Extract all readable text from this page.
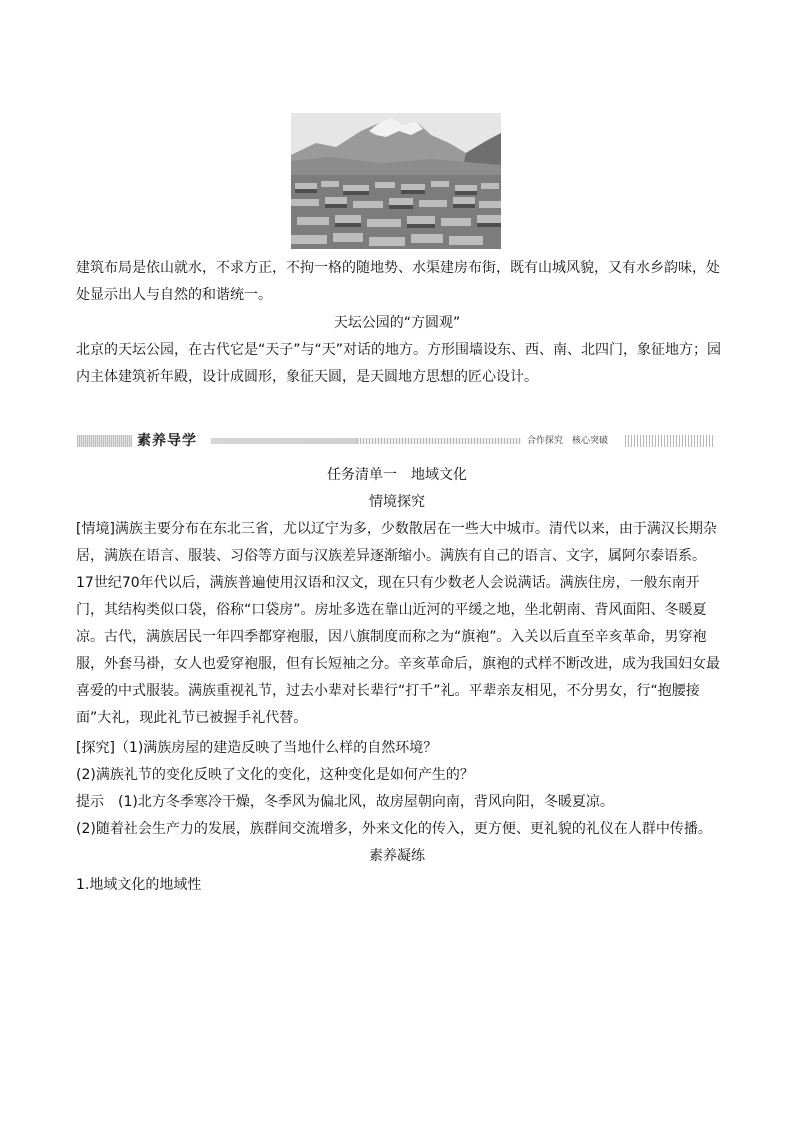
建筑布局是依山就水，不求方正，不拘一格的随地势、水渠建房布街，既有山城风貌，又有水乡韵味，处处显示出人与自然的和谐统一。

天坛公园的“方圆观”

北京的天坛公园，在古代它是“天子”与“天”对话的地方。方形围墙设东、西、南、北四门，象征地方；园内主体建筑祈年殿，设计成圆形，象征天圆，是天圆地方思想的匠心设计。

素养导学	合作探究　核心突破
任务清单一　地域文化
情境探究

[情境]满族主要分布在东北三省，尤以辽宁为多，少数散居在一些大中城市。清代以来，由于满汉长期杂居，满族在语言、服装、习俗等方面与汉族差异逐渐缩小。满族有自己的语言、文字，属阿尔泰语系。17世纪70年代以后，满族普遍使用汉语和汉文，现在只有少数老人会说满话。满族住房，一般东南开门，其结构类似口袋，俗称“口袋房”。房址多选在靠山近河的平缓之地，坐北朝南、背风面阳、冬暖夏凉。古代，满族居民一年四季都穿袍服，因八旗制度而称之为“旗袍”。入关以后直至辛亥革命，男穿袍服，外套马褂，女人也爱穿袍服，但有长短袖之分。辛亥革命后，旗袍的式样不断改进，成为我国妇女最喜爱的中式服装。满族重视礼节，过去小辈对长辈行“打千”礼。平辈亲友相见，不分男女，行“抱腰接面”大礼，现此礼节已被握手礼代替。

[探究]（1)满族房屋的建造反映了当地什么样的自然环境？
(2)满族礼节的变化反映了文化的变化，这种变化是如何产生的？
提示　(1)北方冬季寒冷干燥，冬季风为偏北风，故房屋朝向南，背风向阳，冬暖夏凉。
(2)随着社会生产力的发展，族群间交流增多，外来文化的传入，更方便、更礼貌的礼仪在人群中传播。
素养凝练
1.地域文化的地域性
